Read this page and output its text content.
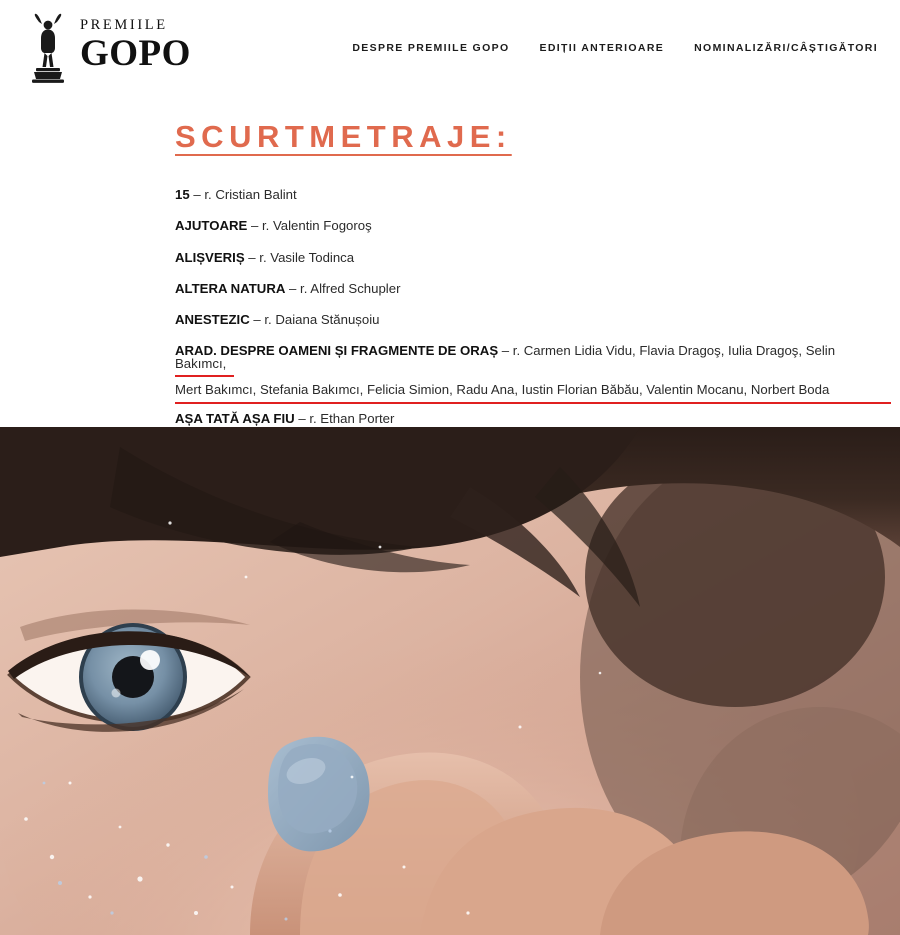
PREMIILE
GOPO	DESPRE PREMIILE GOPO	EDIȚII ANTERIOARE	NOMINALIZĂRI/CÂȘTIGĂTORI
SCURTMETRAJE:
15 – r. Cristian Balint
AJUTOARE – r. Valentin Fogoroş
ALIȘVERIȘ – r. Vasile Todinca
ALTERA NATURA – r. Alfred Schupler
ANESTEZIC – r. Daiana Stănușoiu
ARAD. DESPRE OAMENI ȘI FRAGMENTE DE ORAȘ – r. Carmen Lidia Vidu, Flavia Dragoş, Iulia Dragoş, Selin Bakımcı,
Mert Bakımcı, Stefania Bakımcı, Felicia Simion, Radu Ana, Iustin Florian Băbău, Valentin Mocanu, Norbert Boda
AȘA TATĂ AȘA FIU – r. Ethan Porter
